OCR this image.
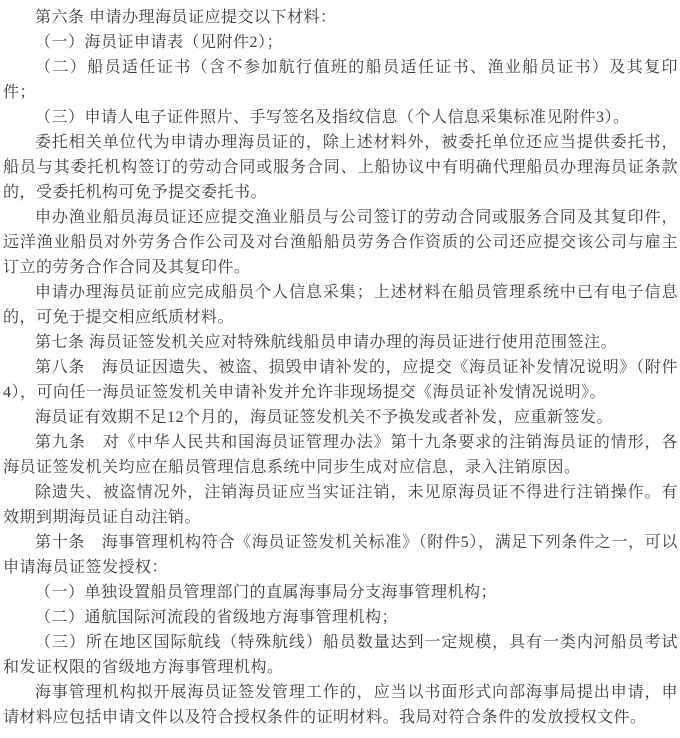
第六条 申请办理海员证应提交以下材料：

（一）海员证申请表（见附件2）；

（二）船员适任证书（含不参加航行值班的船员适任证书、渔业船员证书）及其复印件；

（三）申请人电子证件照片、手写签名及指纹信息（个人信息采集标准见附件3）。

委托相关单位代为申请办理海员证的，除上述材料外，被委托单位还应当提供委托书，船员与其委托机构签订的劳动合同或服务合同、上船协议中有明确代理船员办理海员证条款的，受委托机构可免予提交委托书。

申办渔业船员海员证还应提交渔业船员与公司签订的劳动合同或服务合同及其复印件，远洋渔业船员对外劳务合作公司及对台渔船船员劳务合作资质的公司还应提交该公司与雇主订立的劳务合作合同及其复印件。

申请办理海员证前应完成船员个人信息采集；上述材料在船员管理系统中已有电子信息的，可免于提交相应纸质材料。

第七条 海员证签发机关应对特殊航线船员申请办理的海员证进行使用范围签注。

第八条　海员证因遗失、被盗、损毁申请补发的，应提交《海员证补发情况说明》（附件4），可向任一海员证签发机关申请补发并允许非现场提交《海员证补发情况说明》。

海员证有效期不足12个月的，海员证签发机关不予换发或者补发，应重新签发。

第九条　对《中华人民共和国海员证管理办法》第十九条要求的注销海员证的情形，各海员证签发机关均应在船员管理信息系统中同步生成对应信息，录入注销原因。

除遗失、被盗情况外，注销海员证应当实证注销，未见原海员证不得进行注销操作。有效期到期海员证自动注销。

第十条　海事管理机构符合《海员证签发机关标准》（附件5），满足下列条件之一，可以申请海员证签发授权：

（一）单独设置船员管理部门的直属海事局分支海事管理机构；

（二）通航国际河流段的省级地方海事管理机构；

（三）所在地区国际航线（特殊航线）船员数量达到一定规模，具有一类内河船员考试和发证权限的省级地方海事管理机构。

海事管理机构拟开展海员证签发管理工作的，应当以书面形式向部海事局提出申请，申请材料应包括申请文件以及符合授权条件的证明材料。我局对符合条件的发放授权文件。
